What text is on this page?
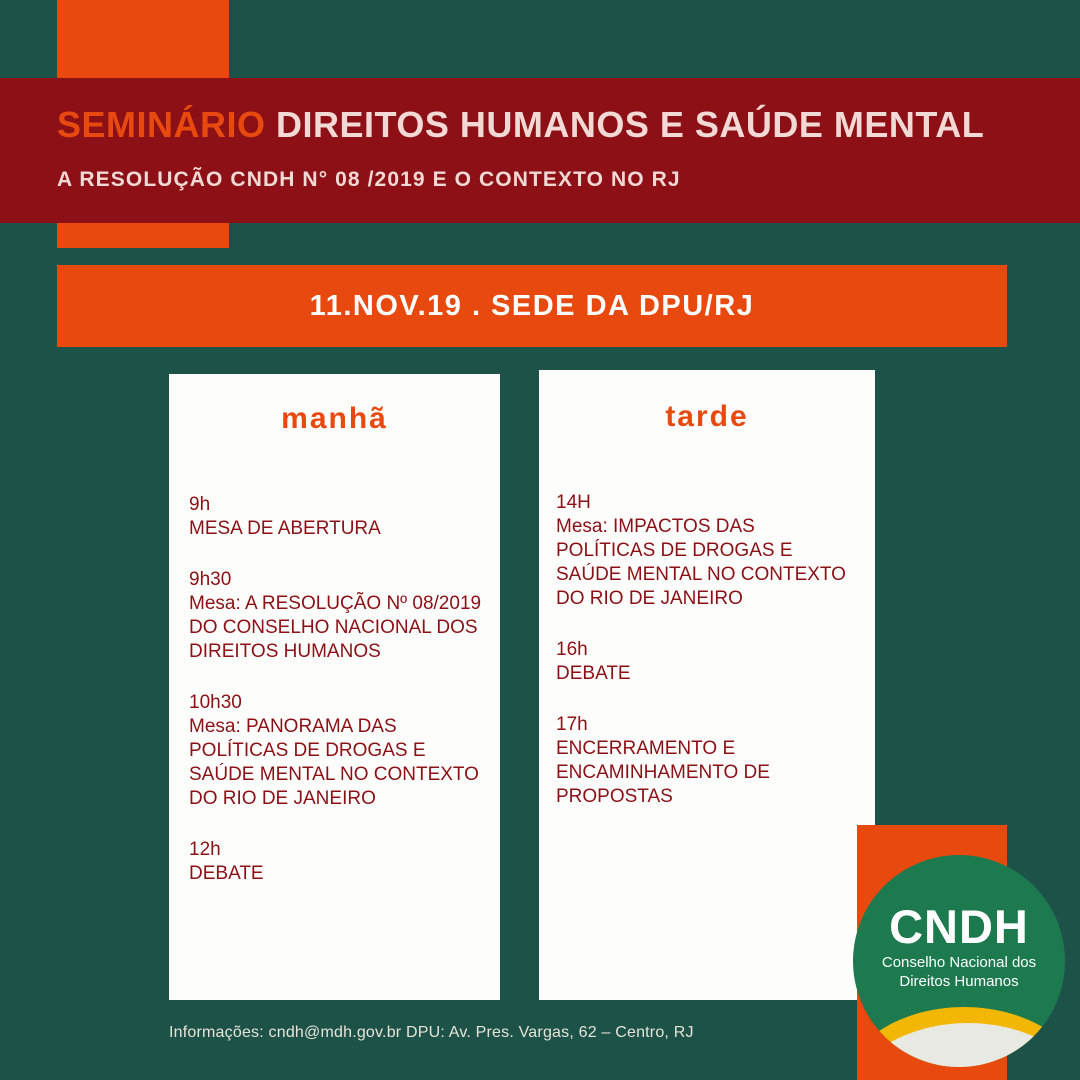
SEMINÁRIO DIREITOS HUMANOS E SAÚDE MENTAL
A RESOLUÇÃO CNDH N° 08 /2019 E O CONTEXTO NO RJ
11.NOV.19 . SEDE DA DPU/RJ
manhã
9h
MESA DE ABERTURA
9h30
Mesa: A RESOLUÇÃO Nº 08/2019 DO CONSELHO NACIONAL DOS DIREITOS HUMANOS
10h30
Mesa: PANORAMA DAS POLÍTICAS DE DROGAS E SAÚDE MENTAL NO CONTEXTO DO RIO DE JANEIRO
12h
DEBATE
tarde
14H
Mesa: IMPACTOS DAS POLÍTICAS DE DROGAS E SAÚDE MENTAL NO CONTEXTO DO RIO DE JANEIRO
16h
DEBATE
17h
ENCERRAMENTO E ENCAMINHAMENTO DE PROPOSTAS
Informações: cndh@mdh.gov.br DPU: Av. Pres. Vargas, 62 – Centro, RJ
CNDH
Conselho Nacional dos
Direitos Humanos
